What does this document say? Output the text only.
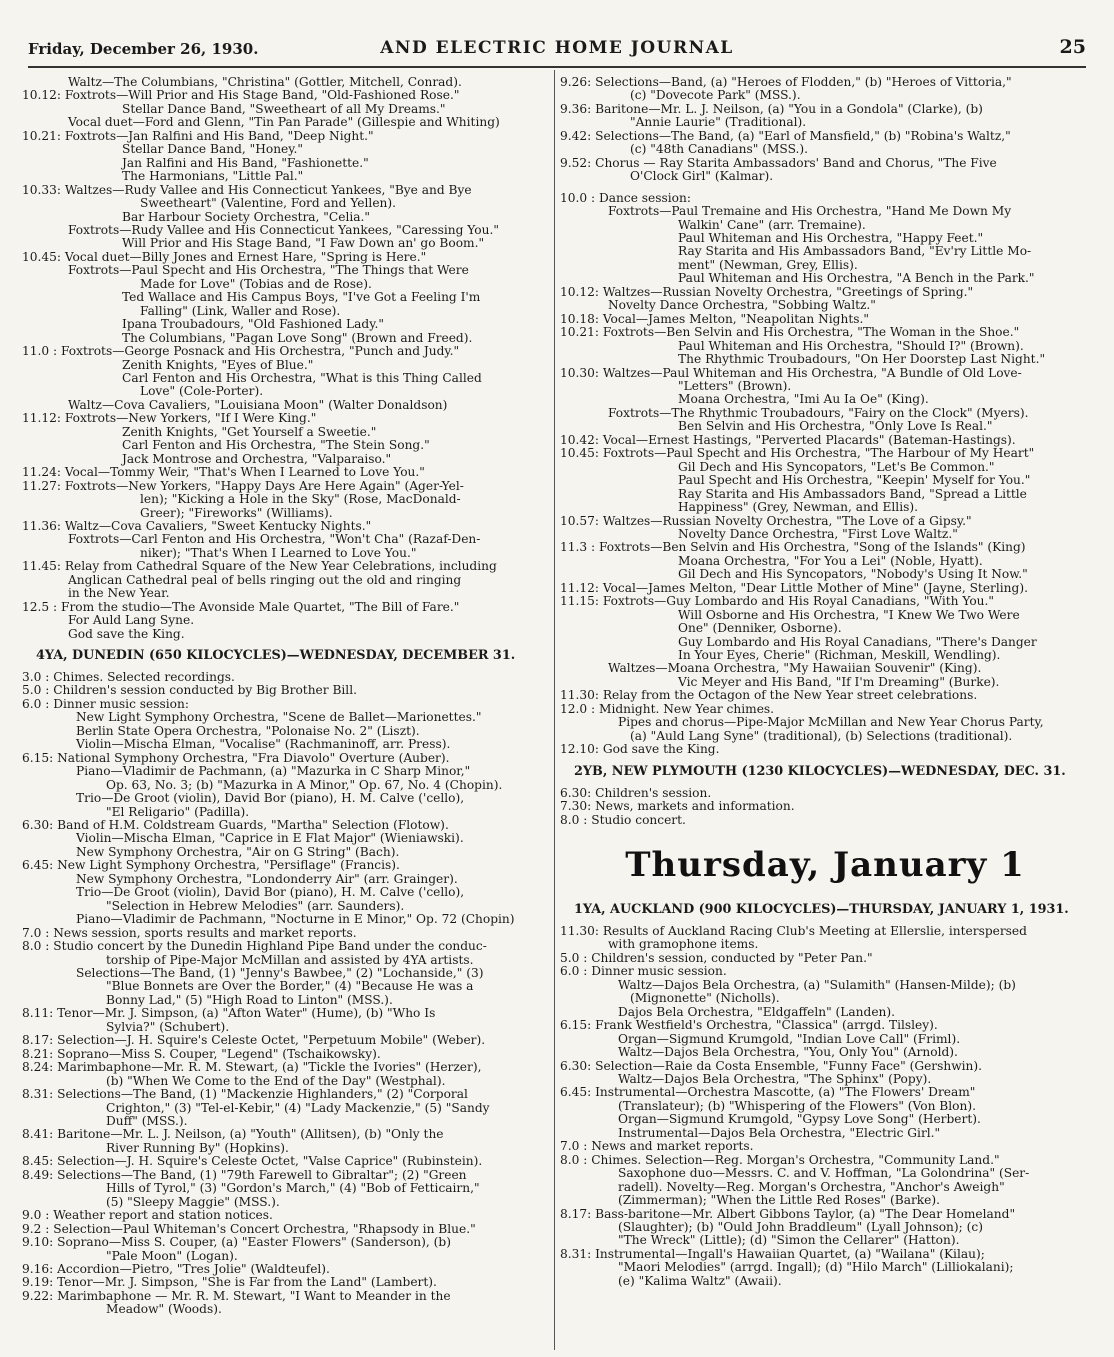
Friday, December 26, 1930.	AND ELECTRIC HOME JOURNAL	25
Waltz—The Columbians, "Christina" (Gottler, Mitchell, Conrad).
10.12: Foxtrots—Will Prior and His Stage Band, "Old-Fashioned Rose."
Stellar Dance Band, "Sweetheart of all My Dreams."
Vocal duet—Ford and Glenn, "Tin Pan Parade" (Gillespie and Whiting)
10.21: Foxtrots—Jan Ralfini and His Band, "Deep Night."
Stellar Dance Band, "Honey."
Jan Ralfini and His Band, "Fashionette."
The Harmonians, "Little Pal."
10.33: Waltzes—Rudy Vallee and His Connecticut Yankees, "Bye and Bye
Sweetheart" (Valentine, Ford and Yellen).
Bar Harbour Society Orchestra, "Celia."
Foxtrots—Rudy Vallee and His Connecticut Yankees, "Caressing You."
Will Prior and His Stage Band, "I Faw Down an' go Boom."
10.45: Vocal duet—Billy Jones and Ernest Hare, "Spring is Here."
Foxtrots—Paul Specht and His Orchestra, "The Things that Were
Made for Love" (Tobias and de Rose).
Ted Wallace and His Campus Boys, "I've Got a Feeling I'm
Falling" (Link, Waller and Rose).
Ipana Troubadours, "Old Fashioned Lady."
The Columbians, "Pagan Love Song" (Brown and Freed).
11.0 : Foxtrots—George Posnack and His Orchestra, "Punch and Judy."
Zenith Knights, "Eyes of Blue."
Carl Fenton and His Orchestra, "What is this Thing Called
Love" (Cole-Porter).
Waltz—Cova Cavaliers, "Louisiana Moon" (Walter Donaldson)
11.12: Foxtrots—New Yorkers, "If I Were King."
Zenith Knights, "Get Yourself a Sweetie."
Carl Fenton and His Orchestra, "The Stein Song."
Jack Montrose and Orchestra, "Valparaiso."
11.24: Vocal—Tommy Weir, "That's When I Learned to Love You."
11.27: Foxtrots—New Yorkers, "Happy Days Are Here Again" (Ager-Yel-
len); "Kicking a Hole in the Sky" (Rose, MacDonald-
Greer); "Fireworks" (Williams).
11.36: Waltz—Cova Cavaliers, "Sweet Kentucky Nights."
Foxtrots—Carl Fenton and His Orchestra, "Won't Cha" (Razaf-Den-
niker); "That's When I Learned to Love You."
11.45: Relay from Cathedral Square of the New Year Celebrations, including
Anglican Cathedral peal of bells ringing out the old and ringing
in the New Year.
12.5 : From the studio—The Avonside Male Quartet, "The Bill of Fare."
For Auld Lang Syne.
God save the King.
4YA, DUNEDIN (650 KILOCYCLES)—WEDNESDAY, DECEMBER 31.
3.0 : Chimes. Selected recordings.
5.0 : Children's session conducted by Big Brother Bill.
6.0 : Dinner music session:
New Light Symphony Orchestra, "Scene de Ballet—Marionettes."
Berlin State Opera Orchestra, "Polonaise No. 2" (Liszt).
Violin—Mischa Elman, "Vocalise" (Rachmaninoff, arr. Press).
6.15: National Symphony Orchestra, "Fra Diavolo" Overture (Auber).
Piano—Vladimir de Pachmann, (a) "Mazurka in C Sharp Minor,"
Op. 63, No. 3; (b) "Mazurka in A Minor," Op. 67, No. 4 (Chopin).
Trio—De Groot (violin), David Bor (piano), H. M. Calve ('cello),
"El Religario" (Padilla).
6.30: Band of H.M. Coldstream Guards, "Martha" Selection (Flotow).
Violin—Mischa Elman, "Caprice in E Flat Major" (Wieniawski).
New Symphony Orchestra, "Air on G String" (Bach).
6.45: New Light Symphony Orchestra, "Persiflage" (Francis).
New Symphony Orchestra, "Londonderry Air" (arr. Grainger).
Trio—De Groot (violin), David Bor (piano), H. M. Calve ('cello),
"Selection in Hebrew Melodies" (arr. Saunders).
Piano—Vladimir de Pachmann, "Nocturne in E Minor," Op. 72 (Chopin)
7.0 : News session, sports results and market reports.
8.0 : Studio concert by the Dunedin Highland Pipe Band under the conduc-
torship of Pipe-Major McMillan and assisted by 4YA artists.
Selections—The Band, (1) "Jenny's Bawbee," (2) "Lochanside," (3)
"Blue Bonnets are Over the Border," (4) "Because He was a
Bonny Lad," (5) "High Road to Linton" (MSS.).
8.11: Tenor—Mr. J. Simpson, (a) "Afton Water" (Hume), (b) "Who Is
Sylvia?" (Schubert).
8.17: Selection—J. H. Squire's Celeste Octet, "Perpetuum Mobile" (Weber).
8.21: Soprano—Miss S. Couper, "Legend" (Tschaikowsky).
8.24: Marimbaphone—Mr. R. M. Stewart, (a) "Tickle the Ivories" (Herzer),
(b) "When We Come to the End of the Day" (Westphal).
8.31: Selections—The Band, (1) "Mackenzie Highlanders," (2) "Corporal
Crighton," (3) "Tel-el-Kebir," (4) "Lady Mackenzie," (5) "Sandy
Duff" (MSS.).
8.41: Baritone—Mr. L. J. Neilson, (a) "Youth" (Allitsen), (b) "Only the
River Running By" (Hopkins).
8.45: Selection—J. H. Squire's Celeste Octet, "Valse Caprice" (Rubinstein).
8.49: Selections—The Band, (1) "79th Farewell to Gibraltar"; (2) "Green
Hills of Tyrol," (3) "Gordon's March," (4) "Bob of Fetticairn,"
(5) "Sleepy Maggie" (MSS.).
9.0 : Weather report and station notices.
9.2 : Selection—Paul Whiteman's Concert Orchestra, "Rhapsody in Blue."
9.10: Soprano—Miss S. Couper, (a) "Easter Flowers" (Sanderson), (b)
"Pale Moon" (Logan).
9.16: Accordion—Pietro, "Tres Jolie" (Waldteufel).
9.19: Tenor—Mr. J. Simpson, "She is Far from the Land" (Lambert).
9.22: Marimbaphone — Mr. R. M. Stewart, "I Want to Meander in the
Meadow" (Woods).
9.26: Selections—Band, (a) "Heroes of Flodden," (b) "Heroes of Vittoria,"
(c) "Dovecote Park" (MSS.).
9.36: Baritone—Mr. L. J. Neilson, (a) "You in a Gondola" (Clarke), (b)
"Annie Laurie" (Traditional).
9.42: Selections—The Band, (a) "Earl of Mansfield," (b) "Robina's Waltz,"
(c) "48th Canadians" (MSS.).
9.52: Chorus — Ray Starita Ambassadors' Band and Chorus, "The Five
O'Clock Girl" (Kalmar).
10.0 : Dance session:
Foxtrots—Paul Tremaine and His Orchestra, "Hand Me Down My
Walkin' Cane" (arr. Tremaine).
Paul Whiteman and His Orchestra, "Happy Feet."
Ray Starita and His Ambassadors Band, "Ev'ry Little Mo-
ment" (Newman, Grey, Ellis).
Paul Whiteman and His Orchestra, "A Bench in the Park."
10.12: Waltzes—Russian Novelty Orchestra, "Greetings of Spring."
Novelty Dance Orchestra, "Sobbing Waltz."
10.18: Vocal—James Melton, "Neapolitan Nights."
10.21: Foxtrots—Ben Selvin and His Orchestra, "The Woman in the Shoe."
Paul Whiteman and His Orchestra, "Should I?" (Brown).
The Rhythmic Troubadours, "On Her Doorstep Last Night."
10.30: Waltzes—Paul Whiteman and His Orchestra, "A Bundle of Old Love-
"Letters" (Brown).
Moana Orchestra, "Imi Au Ia Oe" (King).
Foxtrots—The Rhythmic Troubadours, "Fairy on the Clock" (Myers).
Ben Selvin and His Orchestra, "Only Love Is Real."
10.42: Vocal—Ernest Hastings, "Perverted Placards" (Bateman-Hastings).
10.45: Foxtrots—Paul Specht and His Orchestra, "The Harbour of My Heart"
Gil Dech and His Syncopators, "Let's Be Common."
Paul Specht and His Orchestra, "Keepin' Myself for You."
Ray Starita and His Ambassadors Band, "Spread a Little
Happiness" (Grey, Newman, and Ellis).
10.57: Waltzes—Russian Novelty Orchestra, "The Love of a Gipsy."
Novelty Dance Orchestra, "First Love Waltz."
11.3 : Foxtrots—Ben Selvin and His Orchestra, "Song of the Islands" (King)
Moana Orchestra, "For You a Lei" (Noble, Hyatt).
Gil Dech and His Syncopators, "Nobody's Using It Now."
11.12: Vocal—James Melton, "Dear Little Mother of Mine" (Jayne, Sterling).
11.15: Foxtrots—Guy Lombardo and His Royal Canadians, "With You."
Will Osborne and His Orchestra, "I Knew We Two Were
One" (Denniker, Osborne).
Guy Lombardo and His Royal Canadians, "There's Danger
In Your Eyes, Cherie" (Richman, Meskill, Wendling).
Waltzes—Moana Orchestra, "My Hawaiian Souvenir" (King).
Vic Meyer and His Band, "If I'm Dreaming" (Burke).
11.30: Relay from the Octagon of the New Year street celebrations.
12.0 : Midnight. New Year chimes.
Pipes and chorus—Pipe-Major McMillan and New Year Chorus Party,
(a) "Auld Lang Syne" (traditional), (b) Selections (traditional).
12.10: God save the King.
2YB, NEW PLYMOUTH (1230 KILOCYCLES)—WEDNESDAY, DEC. 31.
6.30: Children's session.
7.30: News, markets and information.
8.0 : Studio concert.
Thursday, January 1
1YA, AUCKLAND (900 KILOCYCLES)—THURSDAY, JANUARY 1, 1931.
11.30: Results of Auckland Racing Club's Meeting at Ellerslie, interspersed
with gramophone items.
5.0 : Children's session, conducted by "Peter Pan."
6.0 : Dinner music session.
Waltz—Dajos Bela Orchestra, (a) "Sulamith" (Hansen-Milde); (b)
(Mignonette" (Nicholls).
Dajos Bela Orchestra, "Eldgaffeln" (Landen).
6.15: Frank Westfield's Orchestra, "Classica" (arrgd. Tilsley).
Organ—Sigmund Krumgold, "Indian Love Call" (Friml).
Waltz—Dajos Bela Orchestra, "You, Only You" (Arnold).
6.30: Selection—Raie da Costa Ensemble, "Funny Face" (Gershwin).
Waltz—Dajos Bela Orchestra, "The Sphinx" (Popy).
6.45: Instrumental—Orchestra Mascotte, (a) "The Flowers' Dream"
(Translateur); (b) "Whispering of the Flowers" (Von Blon).
Organ—Sigmund Krumgold, "Gypsy Love Song" (Herbert).
Instrumental—Dajos Bela Orchestra, "Electric Girl."
7.0 : News and market reports.
8.0 : Chimes. Selection—Reg. Morgan's Orchestra, "Community Land."
Saxophone duo—Messrs. C. and V. Hoffman, "La Golondrina" (Ser-
radell). Novelty—Reg. Morgan's Orchestra, "Anchor's Aweigh"
(Zimmerman); "When the Little Red Roses" (Barke).
8.17: Bass-baritone—Mr. Albert Gibbons Taylor, (a) "The Dear Homeland"
(Slaughter); (b) "Ould John Braddleum" (Lyall Johnson); (c)
"The Wreck" (Little); (d) "Simon the Cellarer" (Hatton).
8.31: Instrumental—Ingall's Hawaiian Quartet, (a) "Wailana" (Kilau);
"Maori Melodies" (arrgd. Ingall); (d) "Hilo March" (Lilliokalani);
(e) "Kalima Waltz" (Awaii).
